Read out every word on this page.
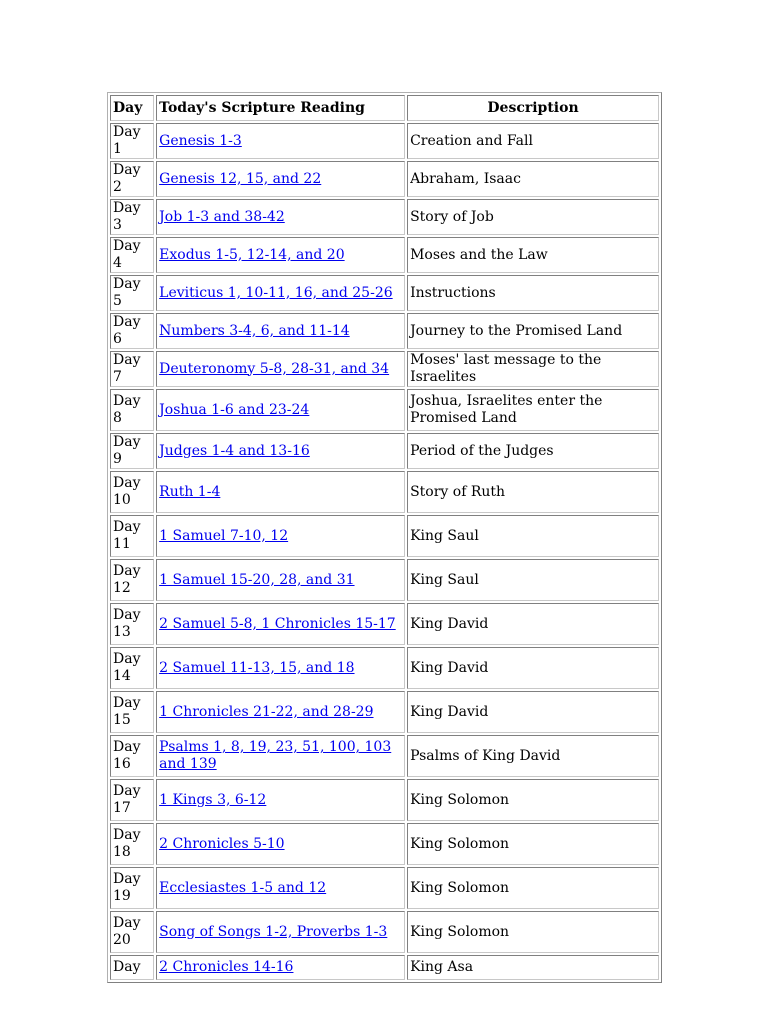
Day	Today's Scripture Reading	Description
Day 1	Genesis 1-3	Creation and Fall
Day 2	Genesis 12, 15, and 22	Abraham, Isaac
Day 3	Job 1-3 and 38-42	Story of Job
Day 4	Exodus 1-5, 12-14, and 20	Moses and the Law
Day 5	Leviticus 1, 10-11, 16, and 25-26	Instructions
Day 6	Numbers 3-4, 6, and 11-14	Journey to the Promised Land
Day 7	Deuteronomy 5-8, 28-31, and 34	Moses' last message to the Israelites
Day 8	Joshua 1-6 and 23-24	Joshua, Israelites enter the Promised Land
Day 9	Judges 1-4 and 13-16	Period of the Judges
Day 10	Ruth 1-4	Story of Ruth
Day 11	1 Samuel 7-10, 12	King Saul
Day 12	1 Samuel 15-20, 28, and 31	King Saul
Day 13	2 Samuel 5-8, 1 Chronicles 15-17	King David
Day 14	2 Samuel 11-13, 15, and 18	King David
Day 15	1 Chronicles 21-22, and 28-29	King David
Day 16	Psalms 1, 8, 19, 23, 51, 100, 103 and 139	Psalms of King David
Day 17	1 Kings 3, 6-12	King Solomon
Day 18	2 Chronicles 5-10	King Solomon
Day 19	Ecclesiastes 1-5 and 12	King Solomon
Day 20	Song of Songs 1-2, Proverbs 1-3	King Solomon
Day	2 Chronicles 14-16	King Asa
